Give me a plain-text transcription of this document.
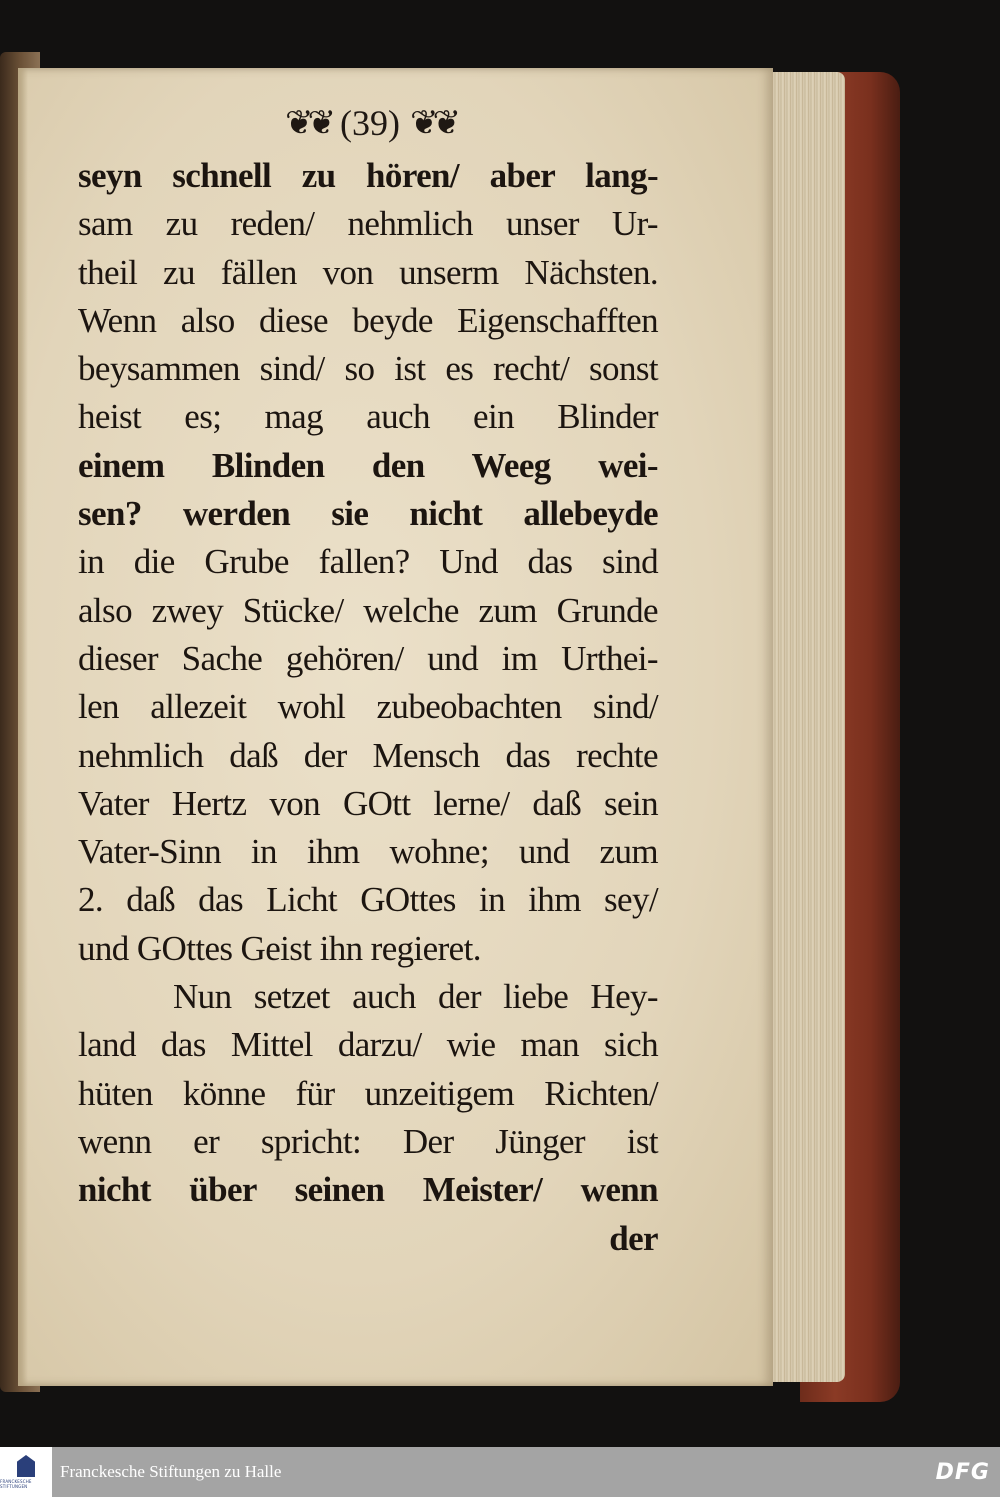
❦❦ (39) ❦❦
seyn schnell zu hören/ aber lang-
sam zu reden/ nehmlich unser Ur-
theil zu fällen von unserm Nächsten.
Wenn also diese beyde Eigenschafften
beysammen sind/ so ist es recht/ sonst
heist es; mag auch ein Blinder
einem Blinden den Weeg wei-
sen? werden sie nicht allebeyde
in die Grube fallen? Und das sind
also zwey Stücke/ welche zum Grunde
dieser Sache gehören/ und im Urthei-
len allezeit wohl zubeobachten sind/
nehmlich daß der Mensch das rechte
Vater Hertz von GOtt lerne/ daß sein
Vater-Sinn in ihm wohne; und zum
2. daß das Licht GOttes in ihm sey/
und GOttes Geist ihn regieret.
Nun setzet auch der liebe Hey-
land das Mittel darzu/ wie man sich
hüten könne für unzeitigem Richten/
wenn er spricht: Der Jünger ist
nicht über seinen Meister/ wenn
der
FRANCKESCHE STIFTUNGEN
Franckesche Stiftungen zu Halle	DFG
